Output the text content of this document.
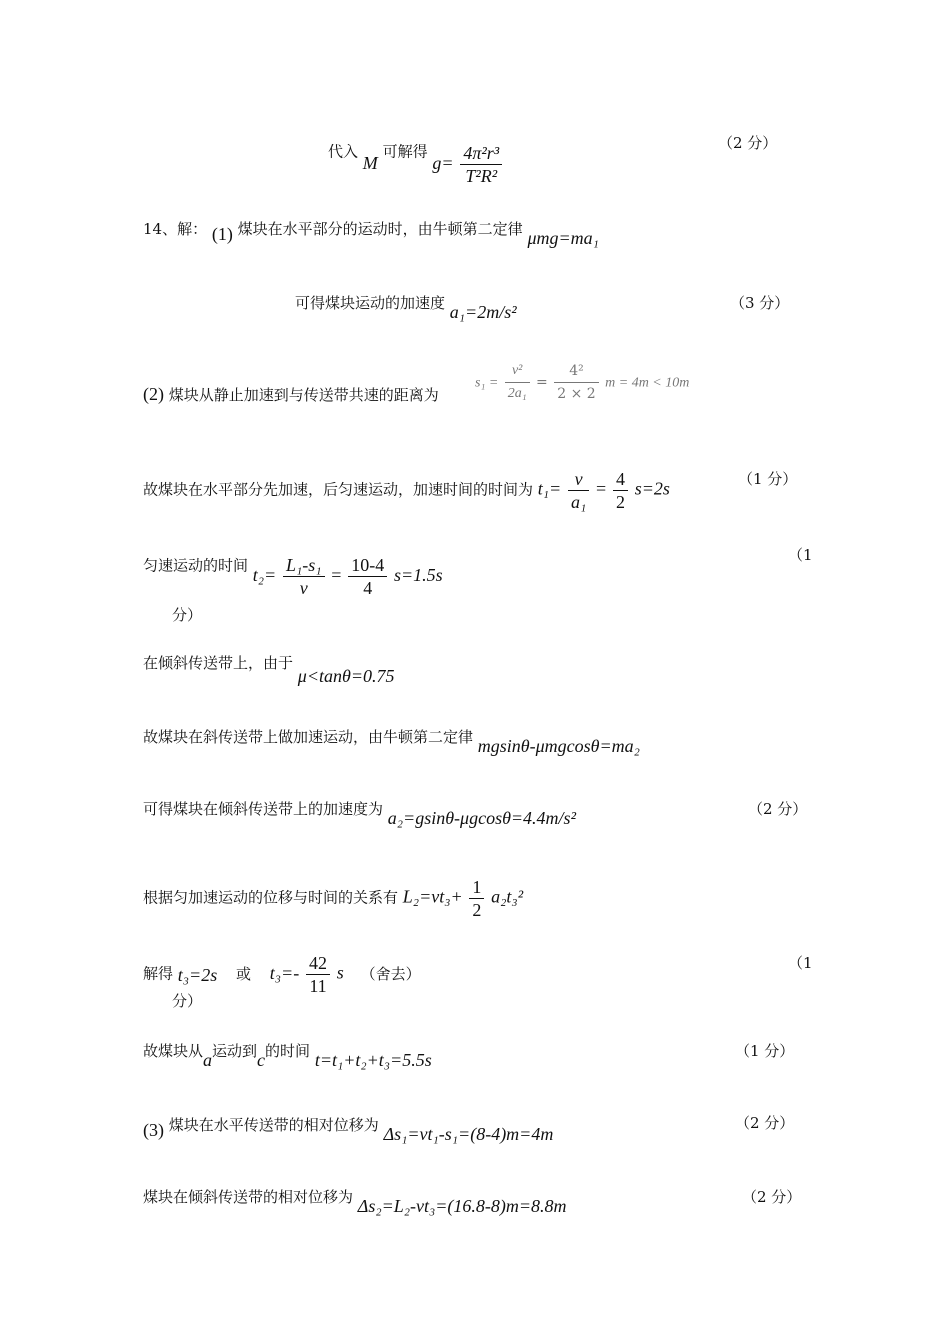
代入 M 可解得 $g= \frac{\text{4π²r³}}{\text{T²R²}}$	（2 分）
14、解： (1) 煤块在水平部分的运动时，由牛顿第二定律 μmg=ma₁
可得煤块运动的加速度 a₁=2m/s²	（3 分）
(2) 煤块从静止加速到与传送带共速的距离为
$s_1 = \frac{\text{v²}}{\text{2a₁}} = \frac{\text{4²}}{2 \times 2}$ m = 4m < 10m
故煤块在水平部分先加速，后匀速运动，加速时间的时间为 $t_1= \frac{v}{\text{a₁}} = \frac{4}{2} s=2s$	（1 分）
匀速运动的时间 $t_2= \frac{\text{L₁-s₁}}{v} = \frac{10-4}{4} s=1.5s$
（1
分）
在倾斜传送带上，由于 μ<tanθ=0.75
故煤块在斜传送带上做加速运动，由牛顿第二定律 mgsinθ-μmgcosθ=ma₂
可得煤块在倾斜传送带上的加速度为 a₂=gsinθ-μgcosθ=4.4m/s²	（2 分）
根据匀加速运动的位移与时间的关系有 $L_2=vt_3+ \frac{1}{2} a_2t_3^2$
解得 t₃=2s 或 $t_3=- \frac{42}{11}$ s （舍去）
（1
分）
故煤块从a运动到c的时间 t=t₁+t₂+t₃=5.5s	（1 分）
(3) 煤块在水平传送带的相对位移为 Δs₁=vt₁-s₁=(8-4)m=4m
（2 分）
煤块在倾斜传送带的相对位移为 Δs₂=L₂-vt₃=(16.8-8)m=8.8m	（2 分）
